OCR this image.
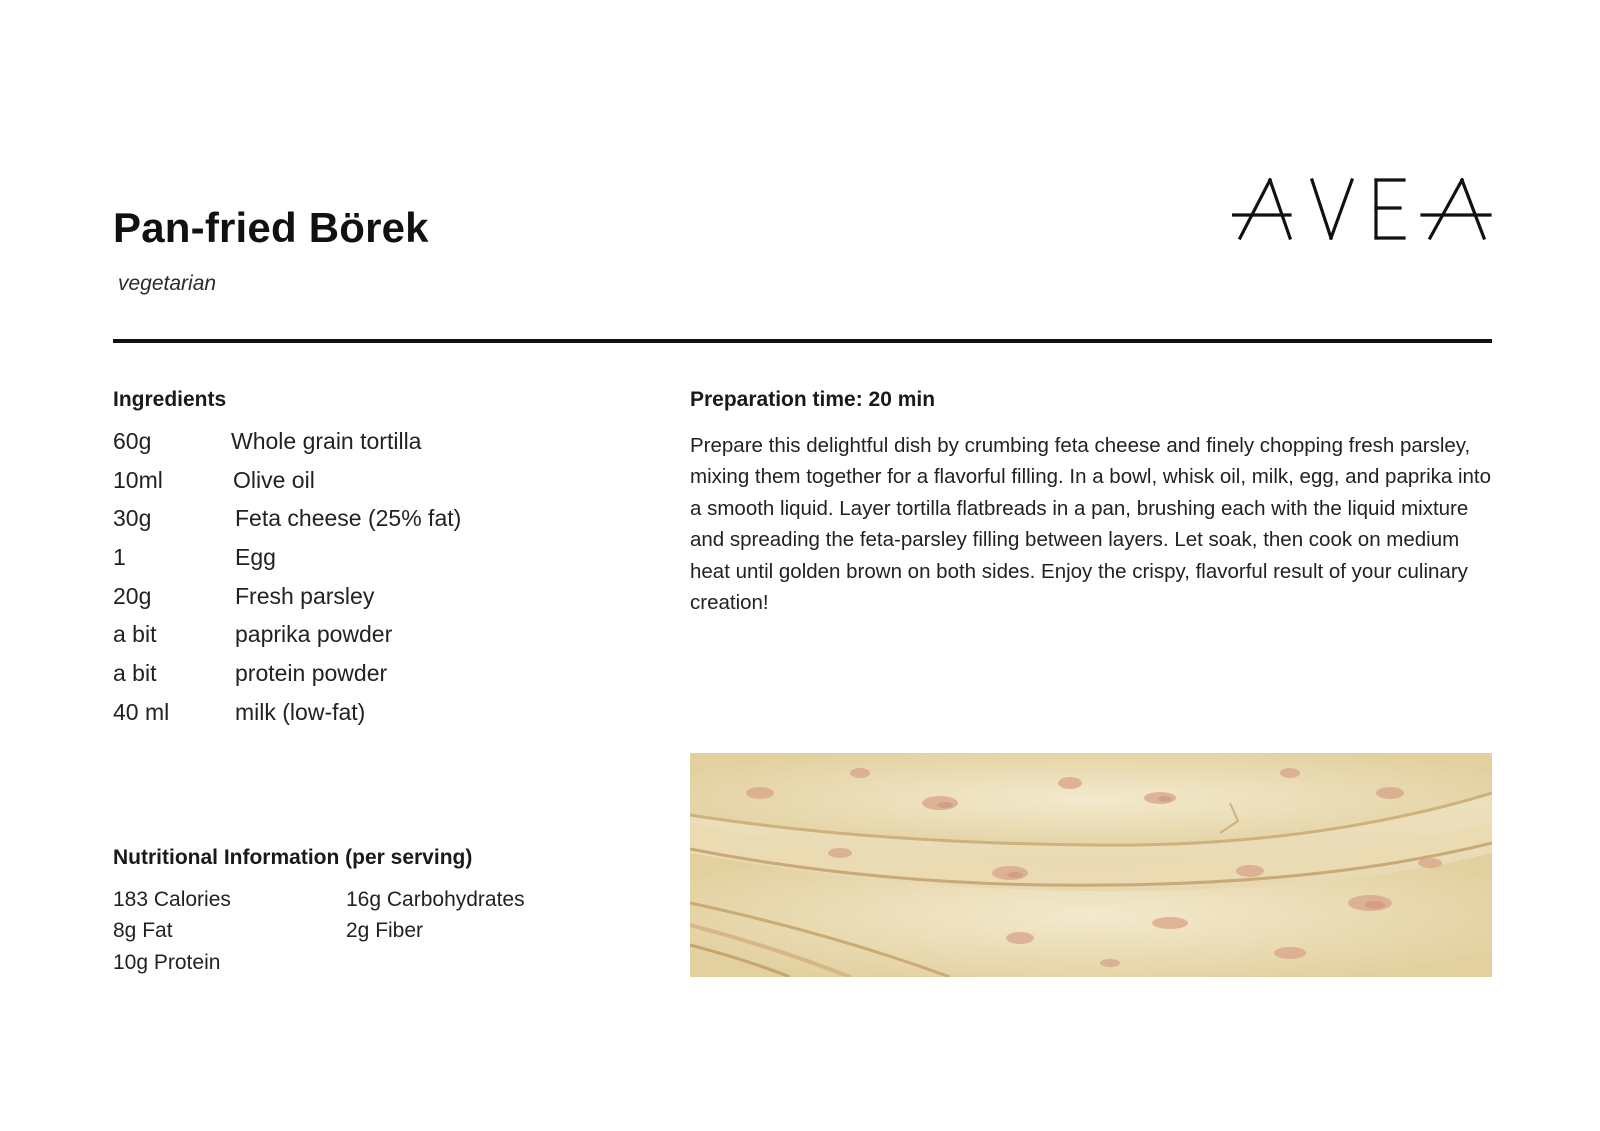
Pan-fried Börek
vegetarian
Ingredients
60g	Whole grain tortilla
10ml	Olive oil
30g	Feta cheese (25% fat)
1	Egg
20g	Fresh parsley
a bit	paprika powder
a bit	protein powder
40 ml	milk (low-fat)
Preparation time: 20 min

Prepare this delightful dish by crumbing feta cheese and finely chopping fresh parsley, mixing them together for a flavorful filling. In a bowl, whisk oil, milk, egg, and paprika into a smooth liquid. Layer tortilla flatbreads in a pan, brushing each with the liquid mixture and spreading the feta-parsley filling between layers. Let soak, then cook on medium heat until golden brown on both sides. Enjoy the crispy, flavorful result of your culinary creation!

Nutritional Information (per serving)
183 Calories	16g Carbohydrates
8g Fat	2g Fiber
10g Protein
